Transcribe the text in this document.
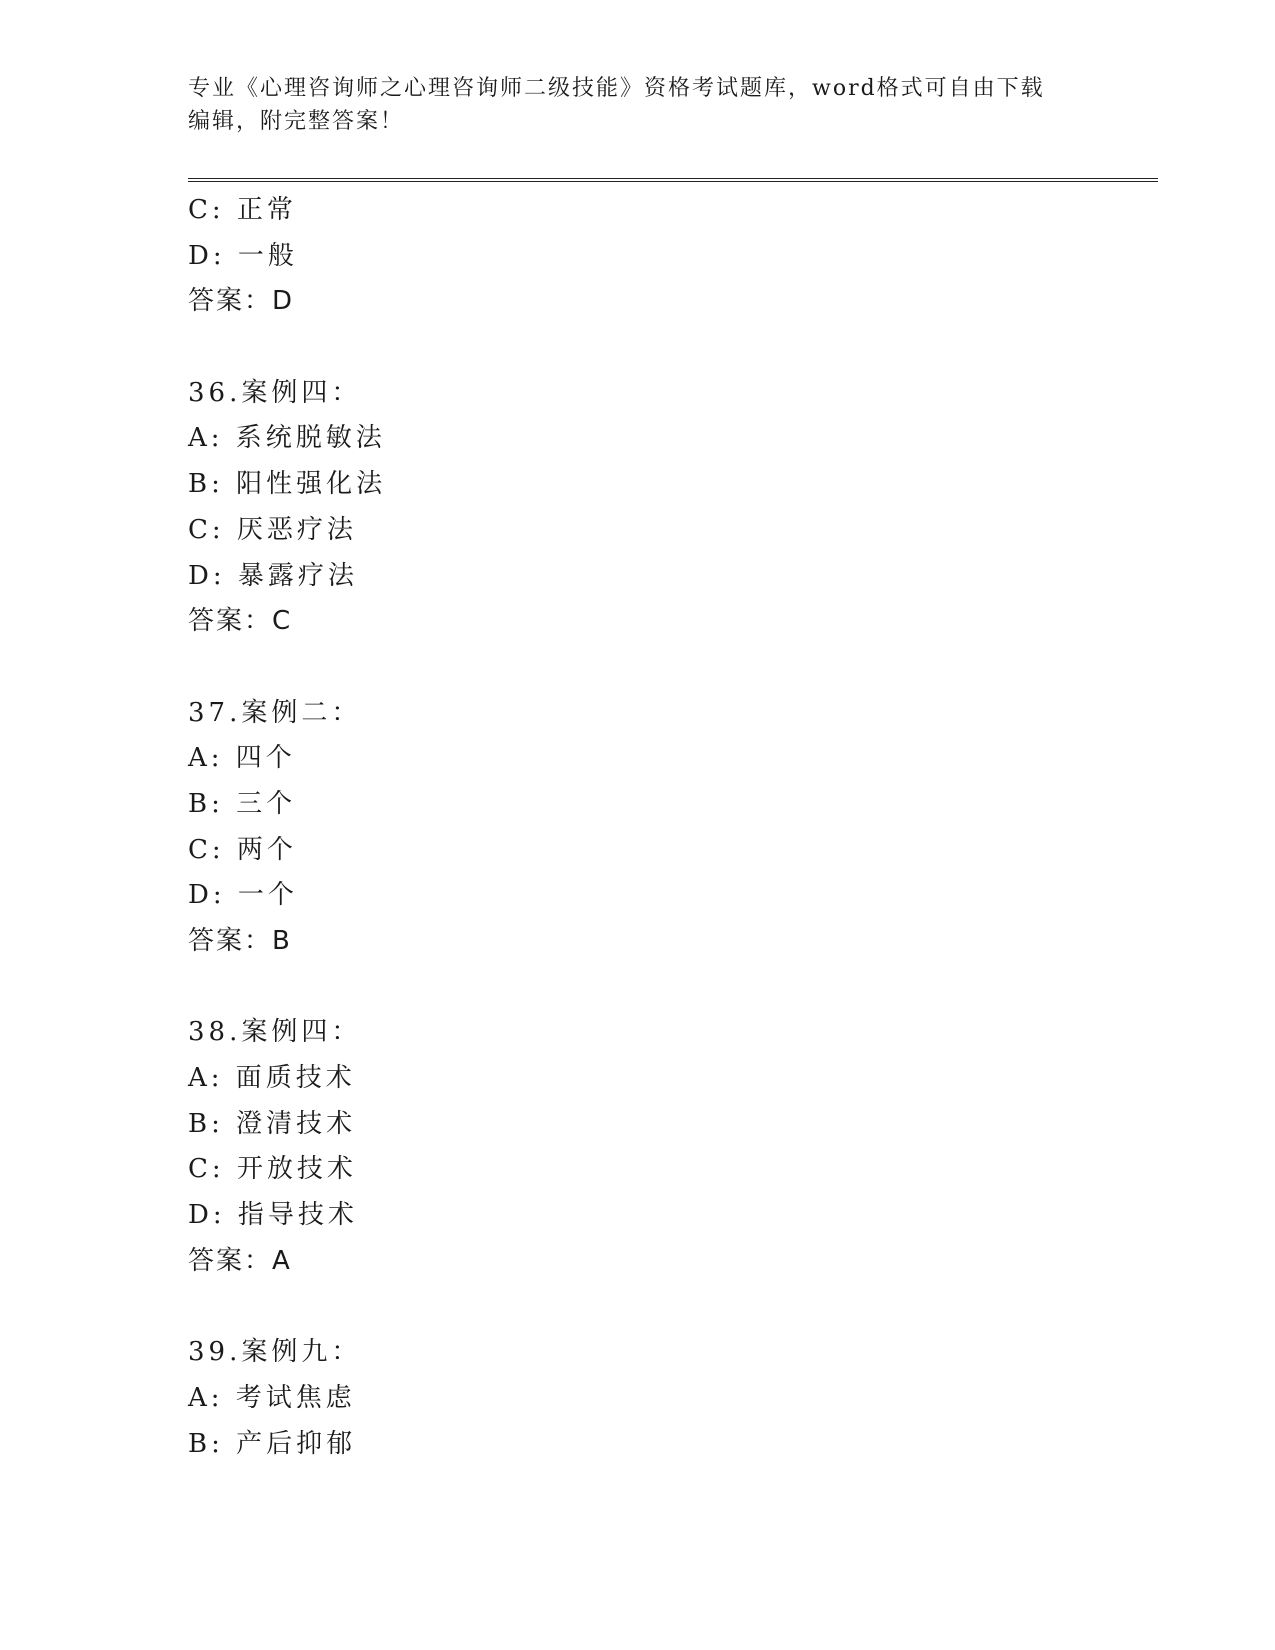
专业《心理咨询师之心理咨询师二级技能》资格考试题库，word格式可自由下载
编辑，附完整答案！
C: 正常
D: 一般
答案：D
36.案例四：
A: 系统脱敏法
B: 阳性强化法
C: 厌恶疗法
D: 暴露疗法
答案：C
37.案例二：
A: 四个
B: 三个
C: 两个
D: 一个
答案：B
38.案例四：
A: 面质技术
B: 澄清技术
C: 开放技术
D: 指导技术
答案：A
39.案例九：
A: 考试焦虑
B: 产后抑郁
